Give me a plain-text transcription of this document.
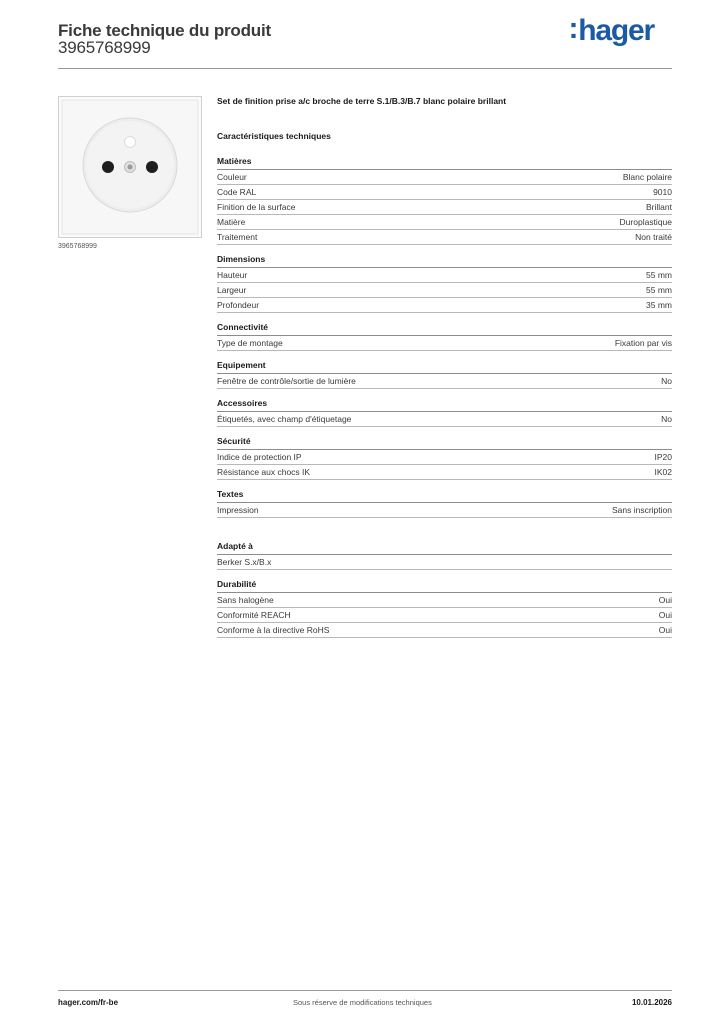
Fiche technique du produit
3965768999
:hager
3965768999
Set de finition prise a/c broche de terre S.1/B.3/B.7 blanc polaire brillant
Caractéristiques techniques
Matières
Couleur	Blanc polaire
Code RAL	9010
Finition de la surface	Brillant
Matière	Duroplastique
Traitement	Non traité
Dimensions
Hauteur	55 mm
Largeur	55 mm
Profondeur	35 mm
Connectivité
Type de montage	Fixation par vis
Equipement
Fenêtre de contrôle/sortie de lumière	No
Accessoires
Étiquetés, avec champ d'étiquetage	No
Sécurité
Indice de protection IP	IP20
Résistance aux chocs IK	IK02
Textes
Impression	Sans inscription
Adapté à
Berker S.x/B.x
Durabilité
Sans halogène	Oui
Conformité REACH	Oui
Conforme à la directive RoHS	Oui
hager.com/fr-be	Sous réserve de modifications techniques	10.01.2026
